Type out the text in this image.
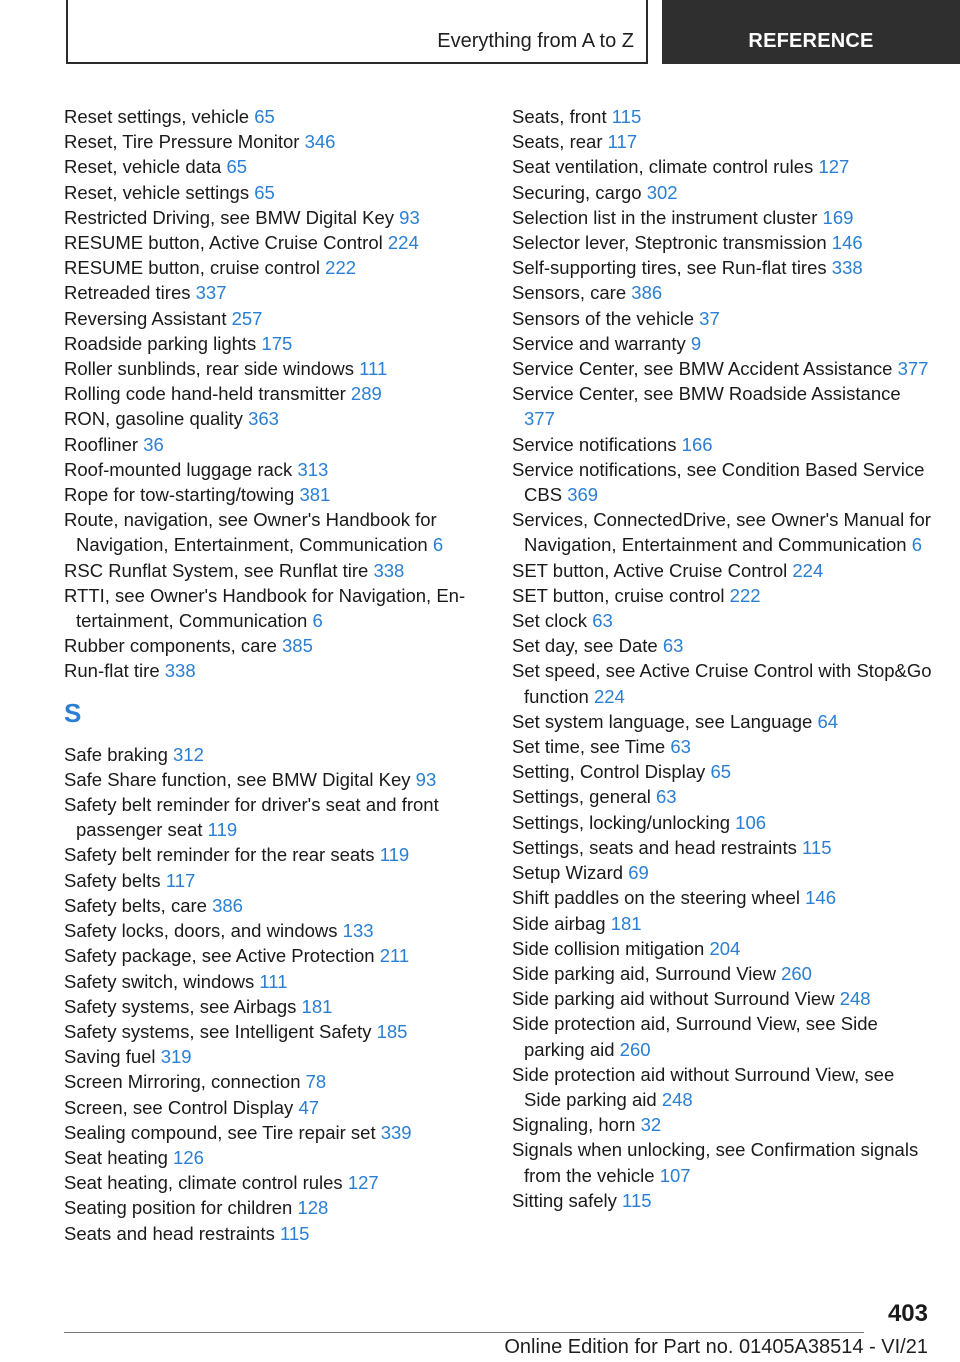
Everything from A to Z	REFERENCE
Reset settings, vehicle 65
Reset, Tire Pressure Monitor 346
Reset, vehicle data 65
Reset, vehicle settings 65
Restricted Driving, see BMW Digital Key 93
RESUME button, Active Cruise Control 224
RESUME button, cruise control 222
Retreaded tires 337
Reversing Assistant 257
Roadside parking lights 175
Roller sunblinds, rear side windows 111
Rolling code hand-held transmitter 289
RON, gasoline quality 363
Roofliner 36
Roof-mounted luggage rack 313
Rope for tow-starting/towing 381
Route, navigation, see Owner's Handbook for Navigation, Entertainment, Communication 6
RSC Runflat System, see Runflat tire 338
RTTI, see Owner's Handbook for Navigation, Entertainment, Communication 6
Rubber components, care 385
Run-flat tire 338
S
Safe braking 312
Safe Share function, see BMW Digital Key 93
Safety belt reminder for driver's seat and front passenger seat 119
Safety belt reminder for the rear seats 119
Safety belts 117
Safety belts, care 386
Safety locks, doors, and windows 133
Safety package, see Active Protection 211
Safety switch, windows 111
Safety systems, see Airbags 181
Safety systems, see Intelligent Safety 185
Saving fuel 319
Screen Mirroring, connection 78
Screen, see Control Display 47
Sealing compound, see Tire repair set 339
Seat heating 126
Seat heating, climate control rules 127
Seating position for children 128
Seats and head restraints 115
Seats, front 115
Seats, rear 117
Seat ventilation, climate control rules 127
Securing, cargo 302
Selection list in the instrument cluster 169
Selector lever, Steptronic transmission 146
Self-supporting tires, see Run-flat tires 338
Sensors, care 386
Sensors of the vehicle 37
Service and warranty 9
Service Center, see BMW Accident Assistance 377
Service Center, see BMW Roadside Assistance 377
Service notifications 166
Service notifications, see Condition Based Service CBS 369
Services, ConnectedDrive, see Owner's Manual for Navigation, Entertainment and Communication 6
SET button, Active Cruise Control 224
SET button, cruise control 222
Set clock 63
Set day, see Date 63
Set speed, see Active Cruise Control with Stop&Go function 224
Set system language, see Language 64
Set time, see Time 63
Setting, Control Display 65
Settings, general 63
Settings, locking/unlocking 106
Settings, seats and head restraints 115
Setup Wizard 69
Shift paddles on the steering wheel 146
Side airbag 181
Side collision mitigation 204
Side parking aid, Surround View 260
Side parking aid without Surround View 248
Side protection aid, Surround View, see Side parking aid 260
Side protection aid without Surround View, see Side parking aid 248
Signaling, horn 32
Signals when unlocking, see Confirmation signals from the vehicle 107
Sitting safely 115
403
Online Edition for Part no. 01405A38514 - VI/21
